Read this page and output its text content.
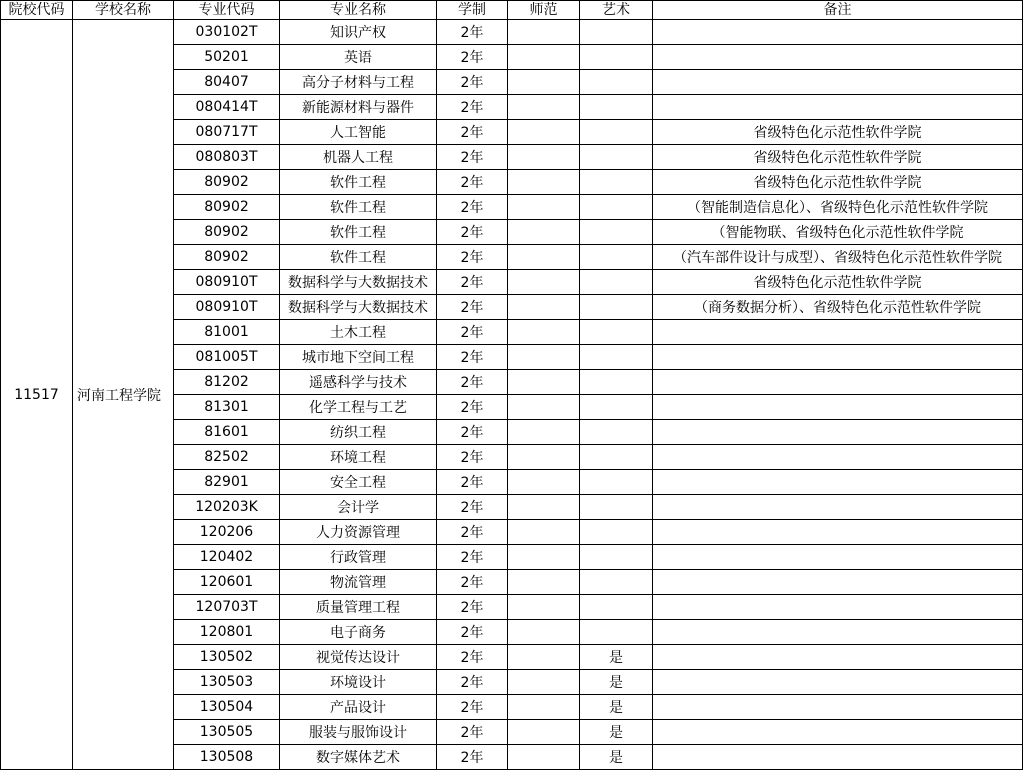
院校代码	学校名称	专业代码	专业名称	学制	师范	艺术	备注
11517	河南工程学院	030102T	知识产权	2年			
		50201	英语	2年			
		80407	高分子材料与工程	2年			
		080414T	新能源材料与器件	2年			
		080717T	人工智能	2年			省级特色化示范性软件学院
		080803T	机器人工程	2年			省级特色化示范性软件学院
		80902	软件工程	2年			省级特色化示范性软件学院
		80902	软件工程	2年			（智能制造信息化）、省级特色化示范性软件学院
		80902	软件工程	2年			（智能物联、省级特色化示范性软件学院
		80902	软件工程	2年			（汽车部件设计与成型）、省级特色化示范性软件学院
		080910T	数据科学与大数据技术	2年			省级特色化示范性软件学院
		080910T	数据科学与大数据技术	2年			（商务数据分析）、省级特色化示范性软件学院
		81001	土木工程	2年			
		081005T	城市地下空间工程	2年			
		81202	遥感科学与技术	2年			
		81301	化学工程与工艺	2年			
		81601	纺织工程	2年			
		82502	环境工程	2年			
		82901	安全工程	2年			
		120203K	会计学	2年			
		120206	人力资源管理	2年			
		120402	行政管理	2年			
		120601	物流管理	2年			
		120703T	质量管理工程	2年			
		120801	电子商务	2年			
		130502	视觉传达设计	2年		是	
		130503	环境设计	2年		是	
		130504	产品设计	2年		是	
		130505	服装与服饰设计	2年		是	
		130508	数字媒体艺术	2年		是	
